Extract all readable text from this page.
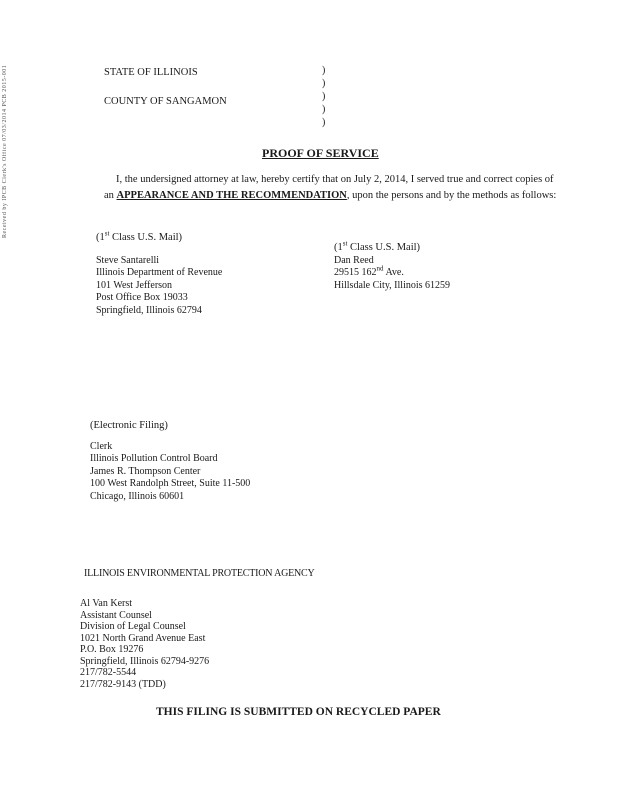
Received by IPCB Clerk's Office 07/03/2014 PCB 2015-001	STATE OF ILLINOIS
COUNTY OF SANGAMON
)
)
)
)
)
PROOF OF SERVICE
I, the undersigned attorney at law, hereby certify that on July 2, 2014, I served true and correct copies of an APPEARANCE AND THE RECOMMENDATION, upon the persons and by the methods as follows:
(1st Class U.S. Mail)
Steve Santarelli
Illinois Department of Revenue
101 West Jefferson
Post Office Box 19033
Springfield, Illinois 62794
(1st Class U.S. Mail)
Dan Reed
29515 162nd Ave.
Hillsdale City, Illinois 61259
(Electronic Filing)
Clerk
Illinois Pollution Control Board
James R. Thompson Center
100 West Randolph Street, Suite 11-500
Chicago, Illinois 60601
ILLINOIS ENVIRONMENTAL PROTECTION AGENCY
Al Van Kerst
Assistant Counsel
Division of Legal Counsel
1021 North Grand Avenue East
P.O. Box 19276
Springfield, Illinois 62794-9276
217/782-5544
217/782-9143 (TDD)
THIS FILING IS SUBMITTED ON RECYCLED PAPER
